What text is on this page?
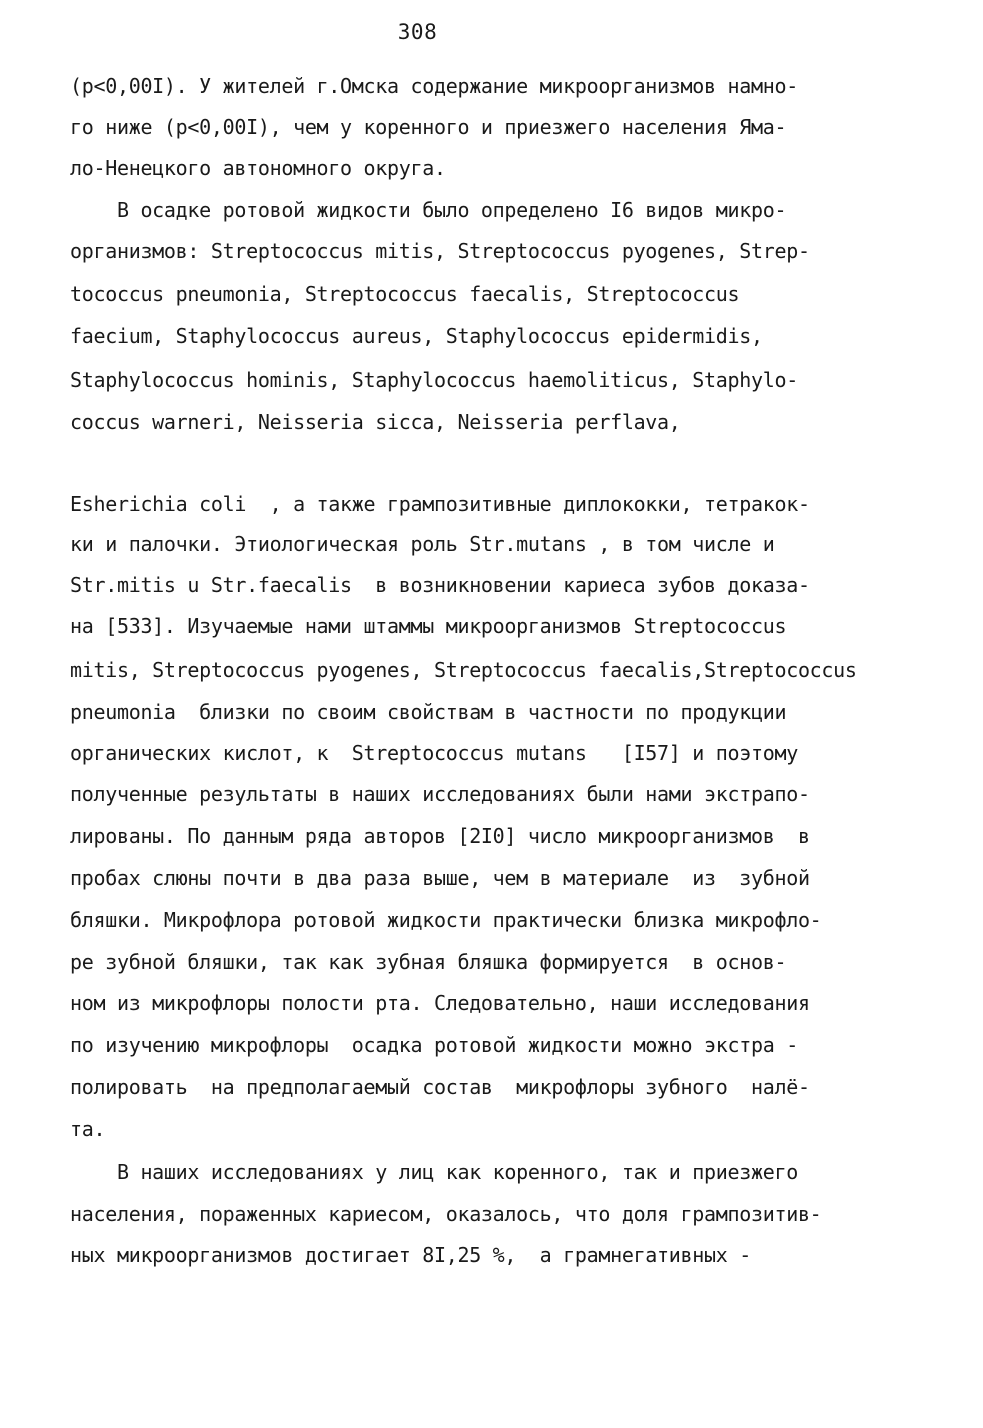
308
(р<0,00I). У жителей г.Омска содержание микроорганизмов намно-
го ниже (р<0,00I), чем у коренного и приезжего населения Яма-
ло-Ненецкого автономного округа.
В осадке ротовой жидкости было определено I6 видов микро-
организмов: Streptococcus mitis, Streptococcus pyogenes, Strep-
tococcus pneumonia, Streptococcus faecalis, Streptococcus
faecium, Staphylococcus aureus, Staphylococcus epidermidis,
Staphylococcus hominis, Staphylococcus haemoliticus, Staphylo-
coccus warneri, Neisseria sicca, Neisseria perflava,
Esherichia coli  , а также грампозитивные диплококки, тетракок-
ки и палочки. Этиологическая роль Str.mutans , в том числе и
Str.mitis u Str.faecalis  в возникновении кариеса зубов доказа-
на [533]. Изучаемые нами штаммы микроорганизмов Streptococcus
mitis, Streptococcus pyogenes, Streptococcus faecalis,Streptococcus
pneumonia  близки по своим свойствам в частности по продукции
органических кислот, к  Streptococcus mutans   [I57] и поэтому
полученные результаты в наших исследованиях были нами экстрапо-
лированы. По данным ряда авторов [2I0] число микроорганизмов  в
пробах слюны почти в два раза выше, чем в материале  из  зубной
бляшки. Микрофлора ротовой жидкости практически близка микрофло-
ре зубной бляшки, так как зубная бляшка формируется  в основ-
ном из микрофлоры полости рта. Следовательно, наши исследования
по изучению микрофлоры  осадка ротовой жидкости можно экстра -
полировать  на предполагаемый состав  микрофлоры зубного  налё-
та.
В наших исследованиях у лиц как коренного, так и приезжего
населения, пораженных кариесом, оказалось, что доля грампозитив-
ных микроорганизмов достигает 8I,25 %,  а грамнегативных -
